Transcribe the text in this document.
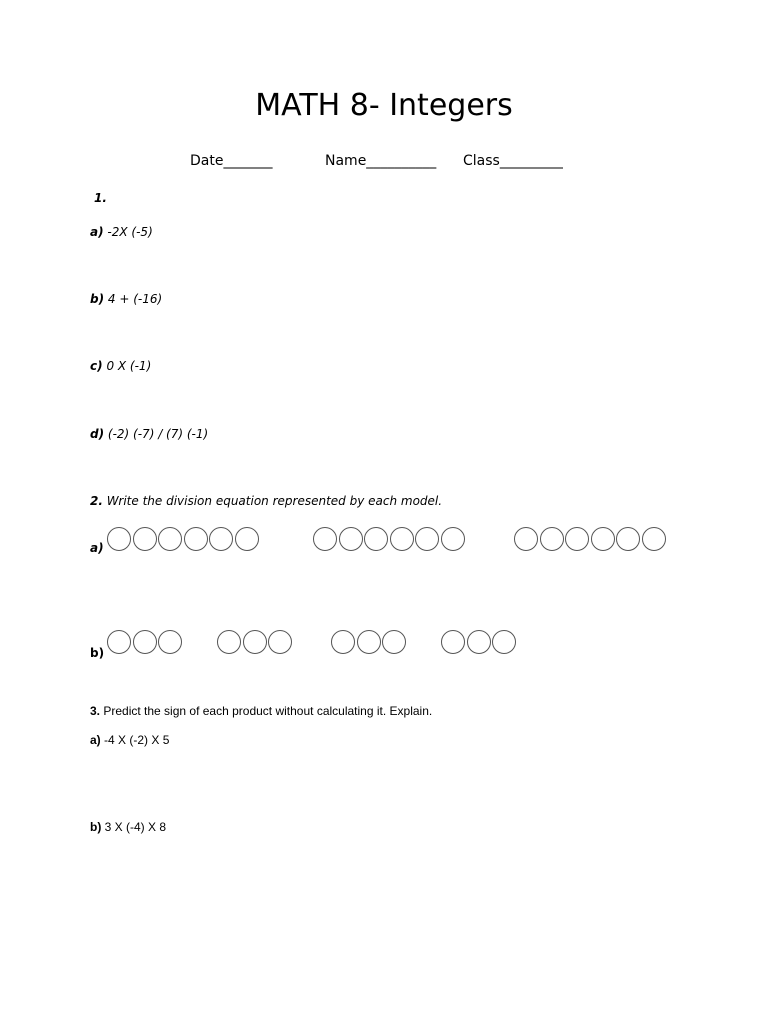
MATH 8- Integers
Date_______	Name__________ Class_________
1.
a) -2X (-5)
b) 4 + (-16)
c) 0 X (-1)
d) (-2) (-7) / (7) (-1)
2. Write the division equation represented by each model.
a)
b)
3. Predict the sign of each product without calculating it. Explain.
a) -4 X (-2) X 5
b) 3 X (-4) X 8
